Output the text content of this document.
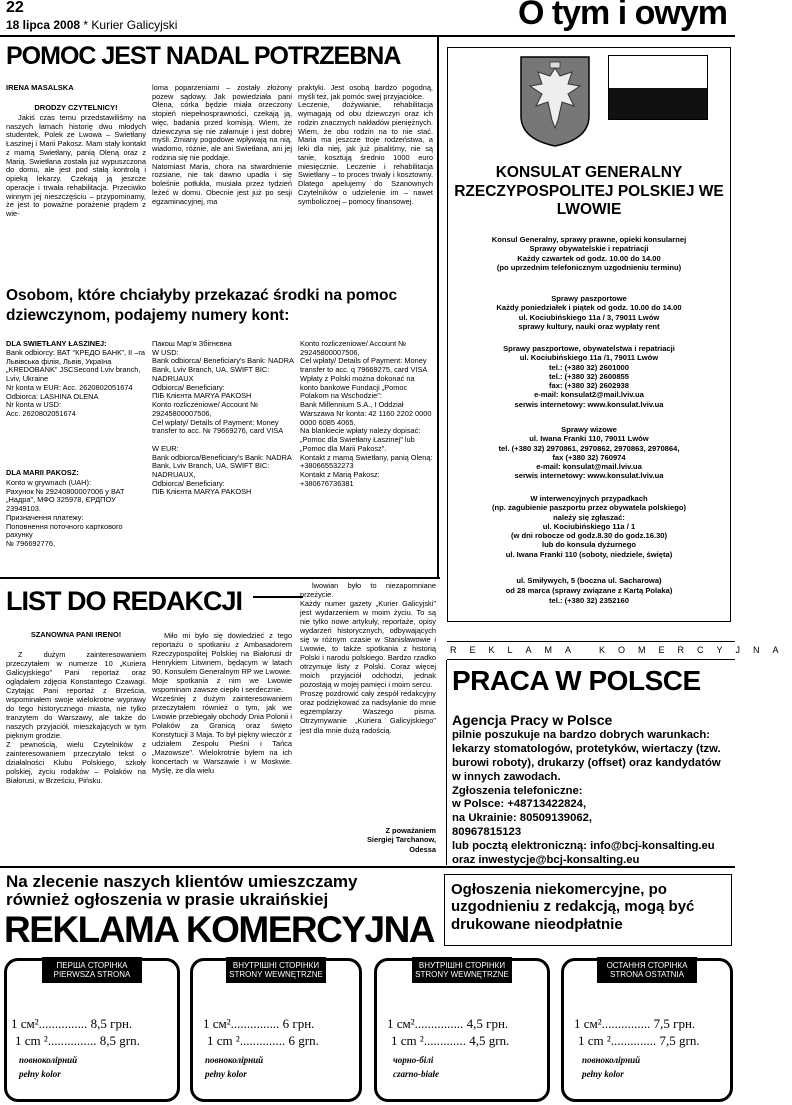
22
18 lipca 2008 * Kurier Galicyjski	O tym i owym
POMOC JEST NADAL POTRZEBNA
IRENA MASALSKA
DRODZY CZYTELNICY!
Jakiś czas temu przedstawiliśmy na naszych łamach historię dwu młodych studentek, Polek ze Lwowa – Swietłany Łaszinej i Marii Pakosz. Mam stały kontakt z mamą Swietłany, panią Oleną oraz z Marią. Swietłana została już wypuszczona do domu, ale jest pod stałą kontrolą i opieką lekarzy. Czekają ją jeszcze operacje i trwała rehabilitacja. Przeciwko winnym jej nieszczęściu – przypominamy, że jest to poważne porażenie prądem z wie-
loma poparzeniami – zostały złożony pozew sądowy. Jak powiedziała pani Olena, córka będzie miała orzeczony stopień niepełnosprawności, czekają ją, więc, badania przed komisją. Wiem, że dziewczyna się nie załamuje i jest dobrej myśli. Zmiany pogodowe wpływają na nią, wiadomo, różnie, ale ani Swietłana, ani jej rodzina się nie poddaje.
Natomiast Maria, chora na stwardnienie rozsiane, nie tak dawno upadła i się boleśnie potłukła, musiała przez tydzień leżeć w domu. Obecnie jest już po sesji egzaminacyjnej, ma
praktyki. Jest osobą bardzo pogodną, myśli też, jak pomóc swej przyjaciółce.
Leczenie, dożywianie, rehabilitacja wymagają od obu dziewczyn oraz ich rodzin znacznych nakładów pieniężnych. Wiem, że obu rodzin na to nie stać. Maria ma jeszcze troje rodzeństwa, a leki dla niej, jak już pisaliśmy, nie są tanie, kosztują średnio 1000 euro miesięcznie. Leczenie i rehabilitacja Swietłany – to proces trwały i kosztowny. Dlatego apelujemy do Szanownych Czytelników o udzielenie im – nawet symbolicznej – pomocy finansowej.
Osobom, które chciałyby przekazać środki na pomoc dziewczynom, podajemy numery kont:
DLA SWIETŁANY ŁASZINEJ:
Bank odbiorcy: ВАТ "КРЕДО БАНК", ІІ –га Львівська філія, Львів, Україна
„KREDOBANK" JSCSecond Lviv branch, Lviv, Ukraine
Nr konta w EUR: Acc. 2620802051674
Odbiorca: LASHINA OLENA
Nr konta w USD:
Acc. 2620802051674
DLA MARII PAKOSZ:
Konto w grywnach (UAH):
Рахунок № 29240800007006 у ВАТ „Надра", МФО 325978, ЄРДПОУ 23949103.
Призначення платежу:
Поповнення поточного карткового рахунку
№ 796692776,
Пакош Мар'я Збігнєвна
W USD:
Bank odbiorca/ Beneficiary's Bank: NADRA Bank, Lviv Branch, UA, SWIFT BIC: NADRUAUX
Odbiorca/ Beneficiary:
ПІБ Клієнта MARYA PAKOSH
Konto rozliczeniowe/ Account № 29245800007506,
Cel wpłaty/ Details of Payment: Money transfer to acc. № 79669276, card VISA

W EUR:
Bank odbiorca/Beneficiary's Bank: NADRA Bank, Lviv Branch, UA, SWIFT BIC: NADRUAUX,
Odbiorca/ Beneficiary:
ПІБ Клієнта MARYA PAKOSH
Konto rozliczeniowe/ Account № 29245800007506,
Cel wpłaty/ Details of Payment: Money transfer to acc. q 79669275, card VISA
Wpłaty z Polski można dokonać na konto bankowe Fundacji „Pomoc Polakom na Wschodzie":
Bank Millennium S.A., I Oddział Warszawa Nr konta: 42 1160 2202 0000 0000 6085 4065.
Na blankiecie wpłaty należy dopisać:
„Pomoc dla Swietłany Łaszinej" lub „Pomoc dla Marii Pakosz".
Kontakt z mamą Swietłany, panią Oleną: +380665532273
Kontakt z Marią Pakosz: +380676736381
KONSULAT GENERALNY RZECZYPOSPOLITEJ POLSKIEJ WE LWOWIE
Konsul Generalny, sprawy prawne, opieki konsularnej
Sprawy obywatelskie i repatriacji
Każdy czwartek od godz. 10.00 do 14.00
(po uprzednim telefonicznym uzgodnieniu terminu)
Sprawy paszportowe
Każdy poniedziałek i piątek od godz. 10.00 do 14.00
ul. Kociubińskiego 11a / 3, 79011 Lwów
sprawy kultury, nauki oraz wypłaty rent
Sprawy paszportowe, obywatelstwa i repatriacji
ul. Kociubińskiego 11a /1, 79011 Lwów
tel.: (+380 32) 2601000
tel.: (+380 32) 2600855
fax: (+380 32) 2602938
e-mail: konsulat2@mail.lviv.ua
serwis internetowy: www.konsulat.lviv.ua
Sprawy wizowe
ul. Iwana Franki 110, 79011 Lwów
tel. (+380 32) 2970861, 2970862, 2970863, 2970864,
fax (+380 32) 760974
e-mail: konsulat@mail.lviv.ua
serwis internetowy: www.konsulat.lviv.ua
W interwencyjnych przypadkach
(np. zagubienie paszportu przez obywatela polskiego)
należy się zgłaszać:
ul. Kociubińskiego 11a / 1
(w dni robocze od godz.8.30 do godz.16.30)
lub do konsula dyżurnego
ul. Iwana Franki 110 (soboty, niedziele, święta)
ul. Smiływych, 5 (boczna ul. Sacharowa)
od 28 marca (sprawy związane z Kartą Polaka)
tel.: (+380 32) 2352160
LIST DO REDAKCJI
SZANOWNA PANI IRENO!
Z dużym zainteresowaniem przeczytałem w numerze 10 „Kuriera Galicyjskiego" Pani reportaż oraz oglądałem zdjęcia Konstantego Czawagi. Czytając Pani reportaż z Brześcia, wspominałem swoje wielokrotne wyprawy do tego historycznego miasta, nie tylko tranzytem do Warszawy, ale także do naszych przyjaciół, mieszkających w tym pięknym grodzie.
Z pewnością, wielu Czytelników z zainteresowaniem przeczytało tekst o działalności Klubu Polskiego, szkoły polskiej, życiu rodaków – Polaków na Białorusi, w Brześciu, Pińsku.
Miło mi było się dowiedzieć z tego reportażu o spotkaniu z Ambasadorem Rzeczypospolitej Polskiej na Białorusi dr Henrykiem Litwinem, będącym w latach 90. Konsulem Generalnym RP we Lwowie. Moje spotkania z nim we Lwowie wspominam zawsze ciepło i serdecznie.
Wcześniej z dużym zainteresowaniem przeczytałem również o tym, jak we Lwowie przebiegały obchody Dnia Polonii i Polaków za Granicą oraz święto Konstytucji 3 Maja. To był piękny wieczór z udziałem Zespołu Pieśni i Tańca „Mazowsze". Wielokrotnie byłem na ich koncertach w Warszawie i w Moskwie. Myślę, że dla wielu
lwowian było to niezapomniane przeżycie.
Każdy numer gazety „Kurier Galicyjski" jest wydarzeniem w moim życiu. To są nie tylko nowe artykuły, reportaże, opisy wydarzeń historycznych, odbywających się w różnym czasie w Stanisławowie i Lwowie, to także spotkania z historią Polski i narodu polskiego. Bardzo rzadko otrzymuje listy z Polski. Coraz więcej moich przyjaciół odchodzi, jednak pozostają w mojej pamięci i moim sercu.
Proszę pozdrowić cały zespół redakcyjny oraz podziękować za nadsyłanie do mnie egzemplarzy Waszego pisma. Otrzymywanie „Kuriera Galicyjskiego" jest dla mnie dużą radością.
Z poważaniem
Siergiej Tarchanow,
Odessa
REKLAMA KOMERCYJNA
PRACA W POLSCE
Agencja Pracy w Polsce
pilnie poszukuje na bardzo dobrych warunkach: lekarzy stomatologów, protetyków, wiertaczy (tzw. burowi roboty), drukarzy (offset) oraz kandydatów w innych zawodach.
Zgłoszenia telefoniczne:
w Polsce: +48713422824,
na Ukrainie: 80509139062,
80967815123
lub pocztą elektroniczną: info@bcj-konsalting.eu
oraz inwestycje@bcj-konsalting.eu
Na zlecenie naszych klientów umieszczamy
również ogłoszenia w prasie ukraińskiej
REKLAMA KOMERCYJNA
Ogłoszenia niekomercyjne, po uzgodnieniu z redakcją, mogą być drukowane nieodpłatnie
ПЕРША СТОРІНКА
PIERWSZA STRONA
1 см²............... 8,5 грн.
1 cm ²............... 8,5 grn.
повноколірний
pełny kolor
ВНУТРІШНІ СТОРІНКИ
STRONY WEWNĘTRZNE
1 см²............... 6 грн.
1 cm ².............. 6 grn.
повноколірний
pełny kolor
ВНУТРІШНІ СТОРІНКИ
STRONY WEWNĘTRZNE
1 см²............... 4,5 грн.
1 cm ²............. 4,5 grn.
чорно-білі
czarno-białe
ОСТАННЯ СТОРІНКА
STRONA OSTATNIA
1 см²............... 7,5 грн.
1 cm ².............. 7,5 grn.
повноколірний
pełny kolor
